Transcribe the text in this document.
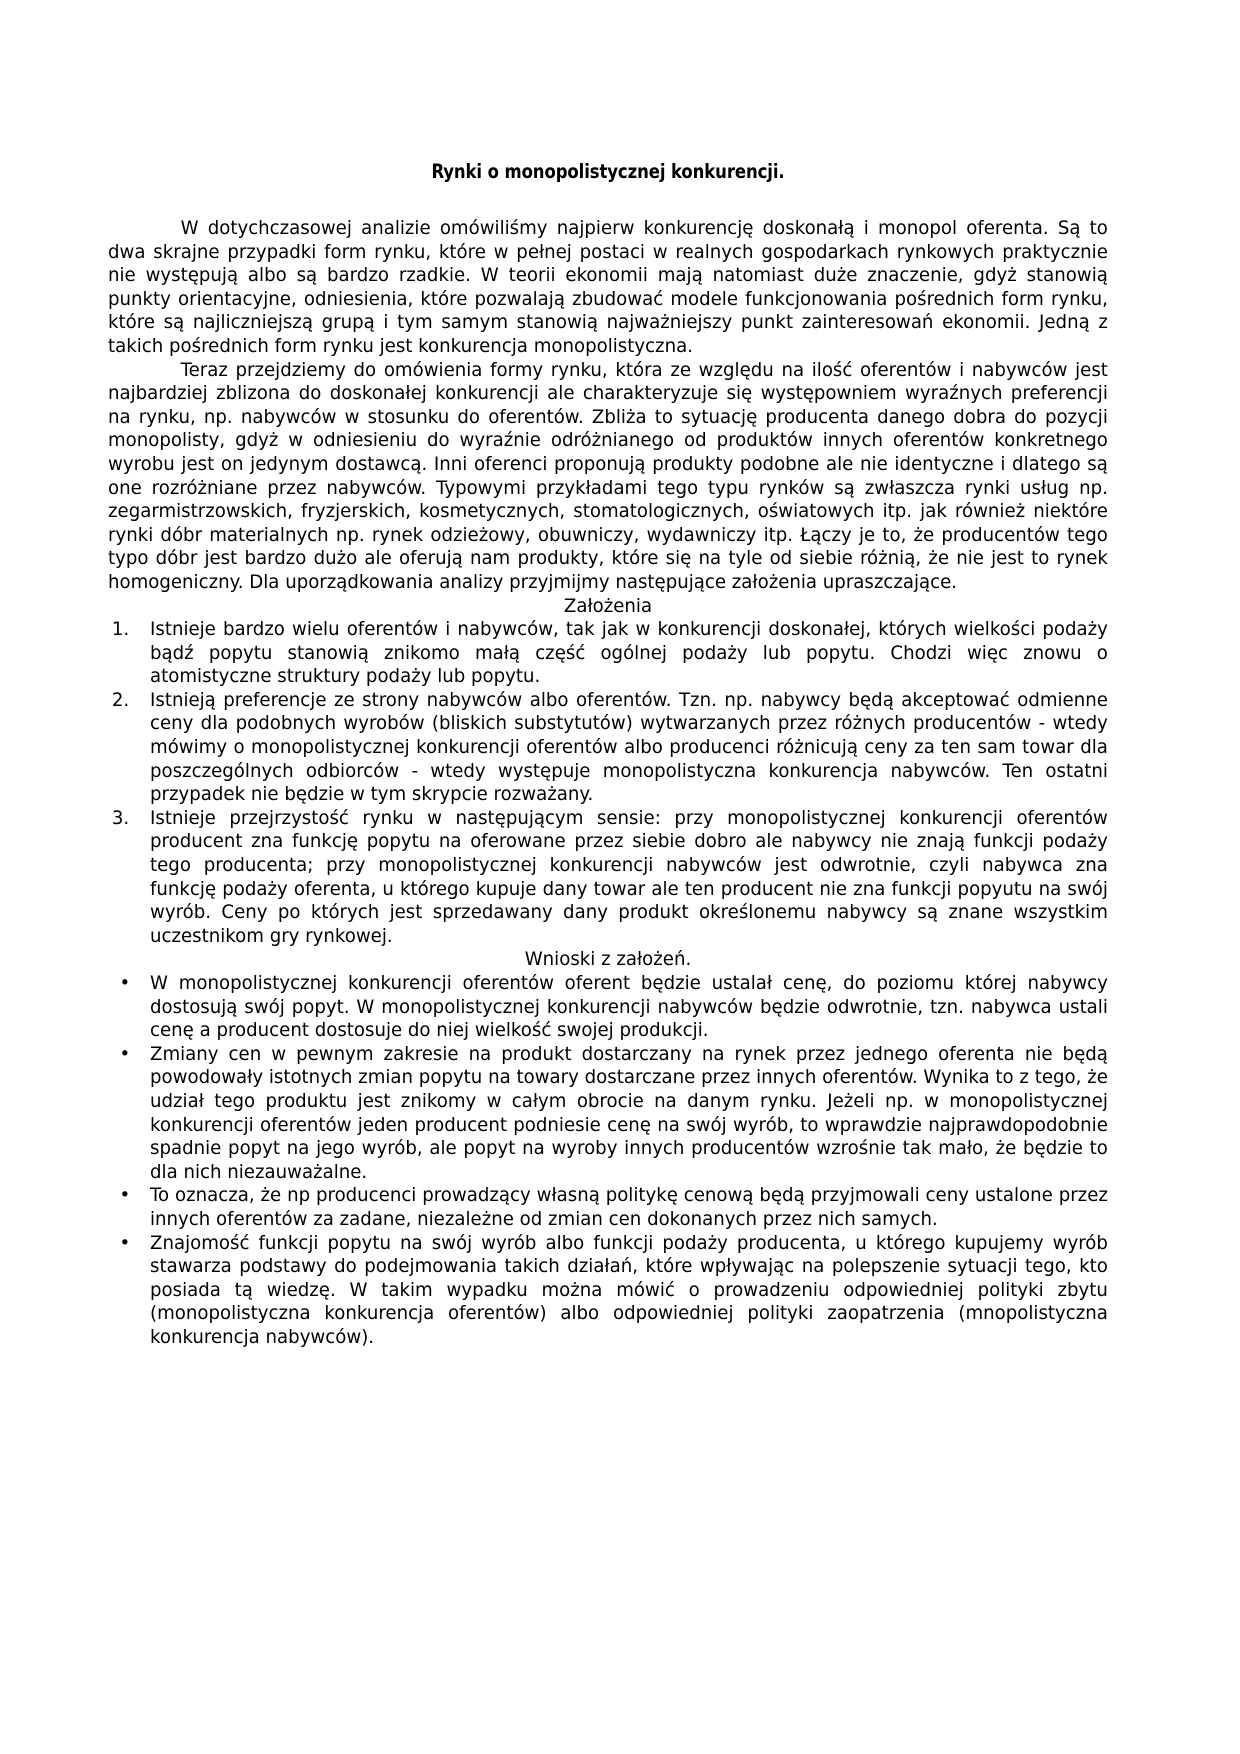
Rynki o monopolistycznej konkurencji.

W dotychczasowej analizie omówiliśmy najpierw konkurencję doskonałą i monopol oferenta. Są to dwa skrajne przypadki form rynku, które w pełnej postaci w realnych gospodarkach rynkowych praktycznie nie występują albo są bardzo rzadkie. W teorii ekonomii mają natomiast duże znaczenie, gdyż stanowią punkty orientacyjne, odniesienia, które pozwalają zbudować modele funkcjonowania pośrednich form rynku, które są najliczniejszą grupą i tym samym stanowią najważniejszy punkt zainteresowań ekonomii. Jedną z takich pośrednich form rynku jest konkurencja monopolistyczna.

Teraz przejdziemy do omówienia formy rynku, która ze względu na ilość oferentów i nabywców jest najbardziej zblizona do doskonałej konkurencji ale charakteryzuje się występowniem wyraźnych preferencji na rynku, np. nabywców w stosunku do oferentów. Zbliża to sytuację producenta danego dobra do pozycji monopolisty, gdyż w odniesieniu do wyraźnie odróżnianego od produktów innych oferentów konkretnego wyrobu jest on jedynym dostawcą. Inni oferenci proponują produkty podobne ale nie identyczne i dlatego są one rozróżniane przez nabywców. Typowymi przykładami tego typu rynków są zwłaszcza rynki usług np. zegarmistrzowskich, fryzjerskich, kosmetycznych, stomatologicznych, oświatowych itp. jak również niektóre rynki dóbr materialnych np. rynek odzieżowy, obuwniczy, wydawniczy itp. Łączy je to, że producentów tego typo dóbr jest bardzo dużo ale oferują nam produkty, które się na tyle od siebie różnią, że nie jest to rynek homogeniczny. Dla uporządkowania analizy przyjmijmy następujące założenia upraszczające.

Założenia
1.	Istnieje bardzo wielu oferentów i nabywców, tak jak w konkurencji doskonałej, których wielkości podaży bądź popytu stanowią znikomo małą część ogólnej podaży lub popytu. Chodzi więc znowu o atomistyczne struktury podaży lub popytu.
2.	Istnieją preferencje ze strony nabywców albo oferentów. Tzn. np. nabywcy będą akceptować odmienne ceny dla podobnych wyrobów (bliskich substytutów) wytwarzanych przez różnych producentów - wtedy mówimy o monopolistycznej konkurencji oferentów albo producenci różnicują ceny za ten sam towar dla poszczególnych odbiorców - wtedy występuje monopolistyczna konkurencja nabywców. Ten ostatni przypadek nie będzie w tym skrypcie rozważany.
3.	Istnieje przejrzystość rynku w następującym sensie: przy monopolistycznej konkurencji oferentów producent zna funkcję popytu na oferowane przez siebie dobro ale nabywcy nie znają funkcji podaży tego producenta; przy monopolistycznej konkurencji nabywców jest odwrotnie, czyli nabywca zna funkcję podaży oferenta, u którego kupuje dany towar ale ten producent nie zna funkcji popyutu na swój wyrób. Ceny po których jest sprzedawany dany produkt określonemu nabywcy są znane wszystkim uczestnikom gry rynkowej.
Wnioski z założeń.
• W monopolistycznej konkurencji oferentów oferent będzie ustalał cenę, do poziomu której nabywcy dostosują swój popyt. W monopolistycznej konkurencji nabywców będzie odwrotnie, tzn. nabywca ustali cenę a producent dostosuje do niej wielkość swojej produkcji.
• Zmiany cen w pewnym zakresie na produkt dostarczany na rynek przez jednego oferenta nie będą powodowały istotnych zmian popytu na towary dostarczane przez innych oferentów. Wynika to z tego, że udział tego produktu jest znikomy w całym obrocie na danym rynku. Jeżeli np. w monopolistycznej konkurencji oferentów jeden producent podniesie cenę na swój wyrób, to wprawdzie najprawdopodobnie spadnie popyt na jego wyrób, ale popyt na wyroby innych producentów wzrośnie tak mało, że będzie to dla nich niezauważalne.
• To oznacza, że np producenci prowadzący własną politykę cenową będą przyjmowali ceny ustalone przez innych oferentów za zadane, niezależne od zmian cen dokonanych przez nich samych.
• Znajomość funkcji popytu na swój wyrób albo funkcji podaży producenta, u którego kupujemy wyrób stawarza podstawy do podejmowania takich działań, które wpływając na polepszenie sytuacji tego, kto posiada tą wiedzę. W takim wypadku można mówić o prowadzeniu odpowiedniej polityki zbytu (monopolistyczna konkurencja oferentów) albo odpowiedniej polityki zaopatrzenia (mnopolistyczna konkurencja nabywców).
